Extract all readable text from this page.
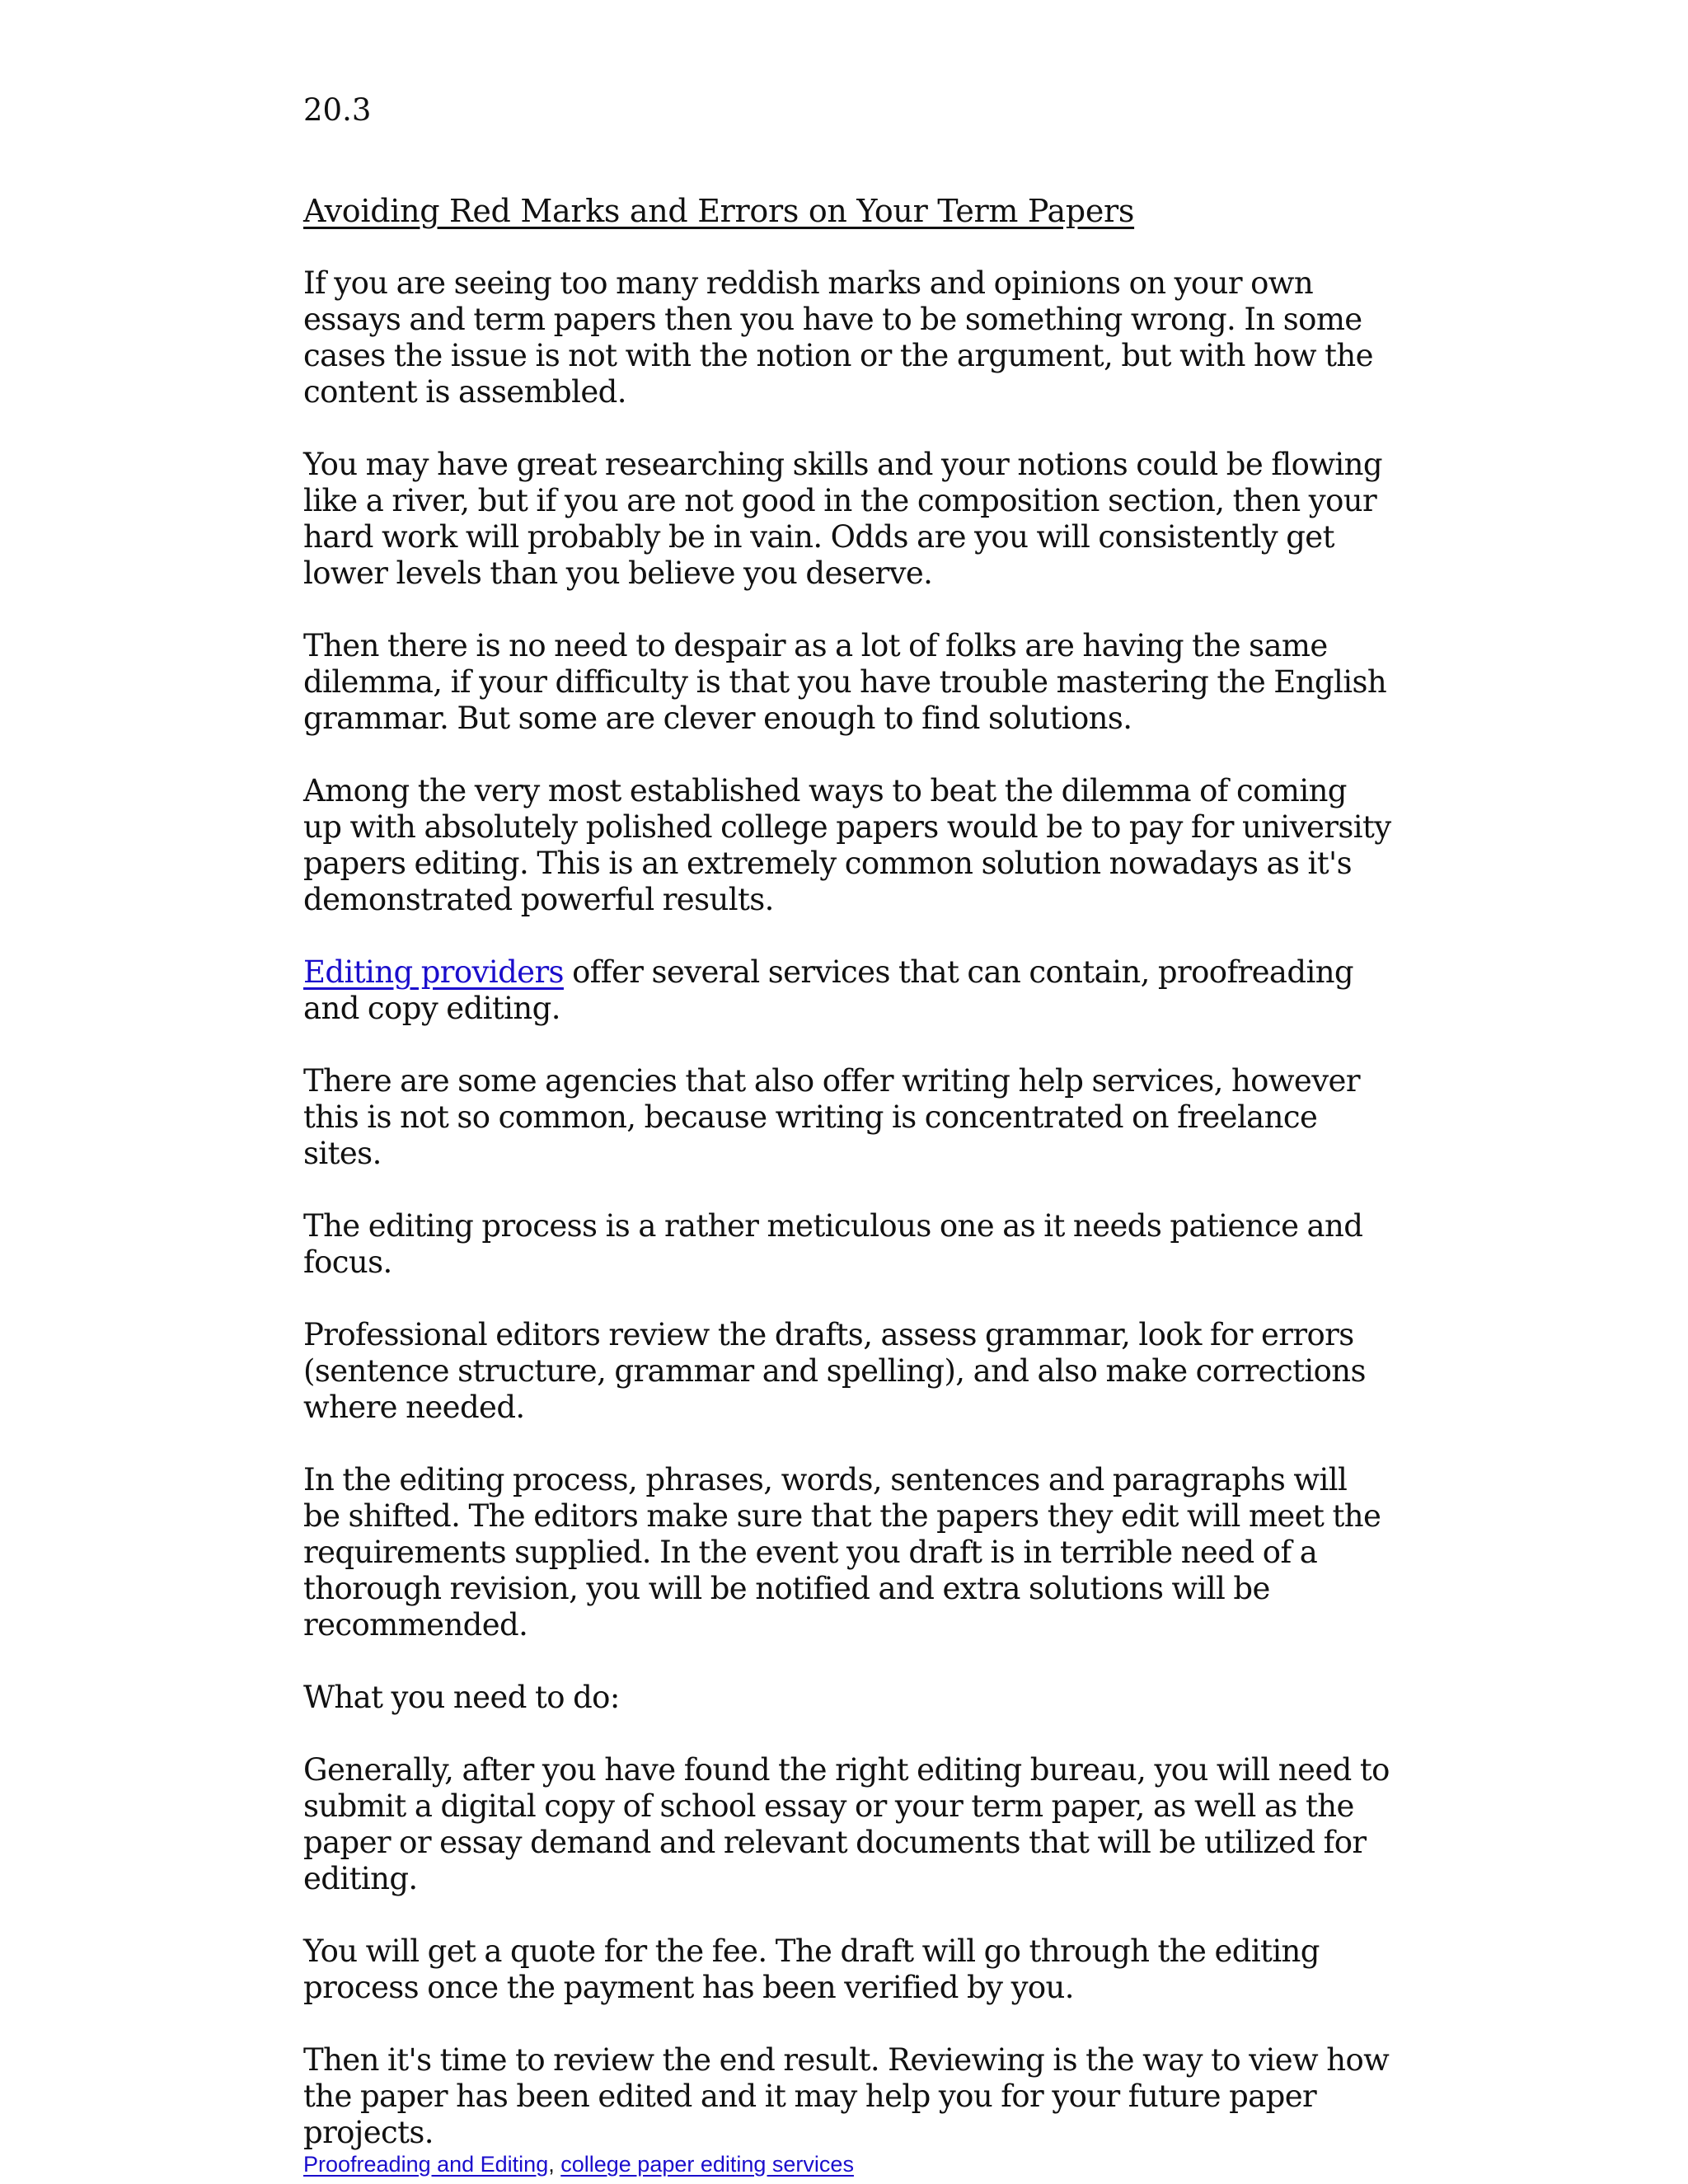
20.3

Avoiding Red Marks and Errors on Your Term Papers

If you are seeing too many reddish marks and opinions on your own essays and term papers then you have to be something wrong. In some cases the issue is not with the notion or the argument, but with how the content is assembled.

You may have great researching skills and your notions could be flowing like a river, but if you are not good in the composition section, then your hard work will probably be in vain. Odds are you will consistently get lower levels than you believe you deserve.

Then there is no need to despair as a lot of folks are having the same dilemma, if your difficulty is that you have trouble mastering the English grammar. But some are clever enough to find solutions.

Among the very most established ways to beat the dilemma of coming up with absolutely polished college papers would be to pay for university papers editing. This is an extremely common solution nowadays as it's demonstrated powerful results.

Editing providers offer several services that can contain, proofreading and copy editing.

There are some agencies that also offer writing help services, however this is not so common, because writing is concentrated on freelance sites.

The editing process is a rather meticulous one as it needs patience and focus.

Professional editors review the drafts, assess grammar, look for errors (sentence structure, grammar and spelling), and also make corrections where needed.

In the editing process, phrases, words, sentences and paragraphs will be shifted. The editors make sure that the papers they edit will meet the requirements supplied. In the event you draft is in terrible need of a thorough revision, you will be notified and extra solutions will be recommended.

What you need to do:

Generally, after you have found the right editing bureau, you will need to submit a digital copy of school essay or your term paper, as well as the paper or essay demand and relevant documents that will be utilized for editing.

You will get a quote for the fee. The draft will go through the editing process once the payment has been verified by you.

Then it's time to review the end result. Reviewing is the way to view how the paper has been edited and it may help you for your future paper projects.

Proofreading and Editing, college paper editing services
